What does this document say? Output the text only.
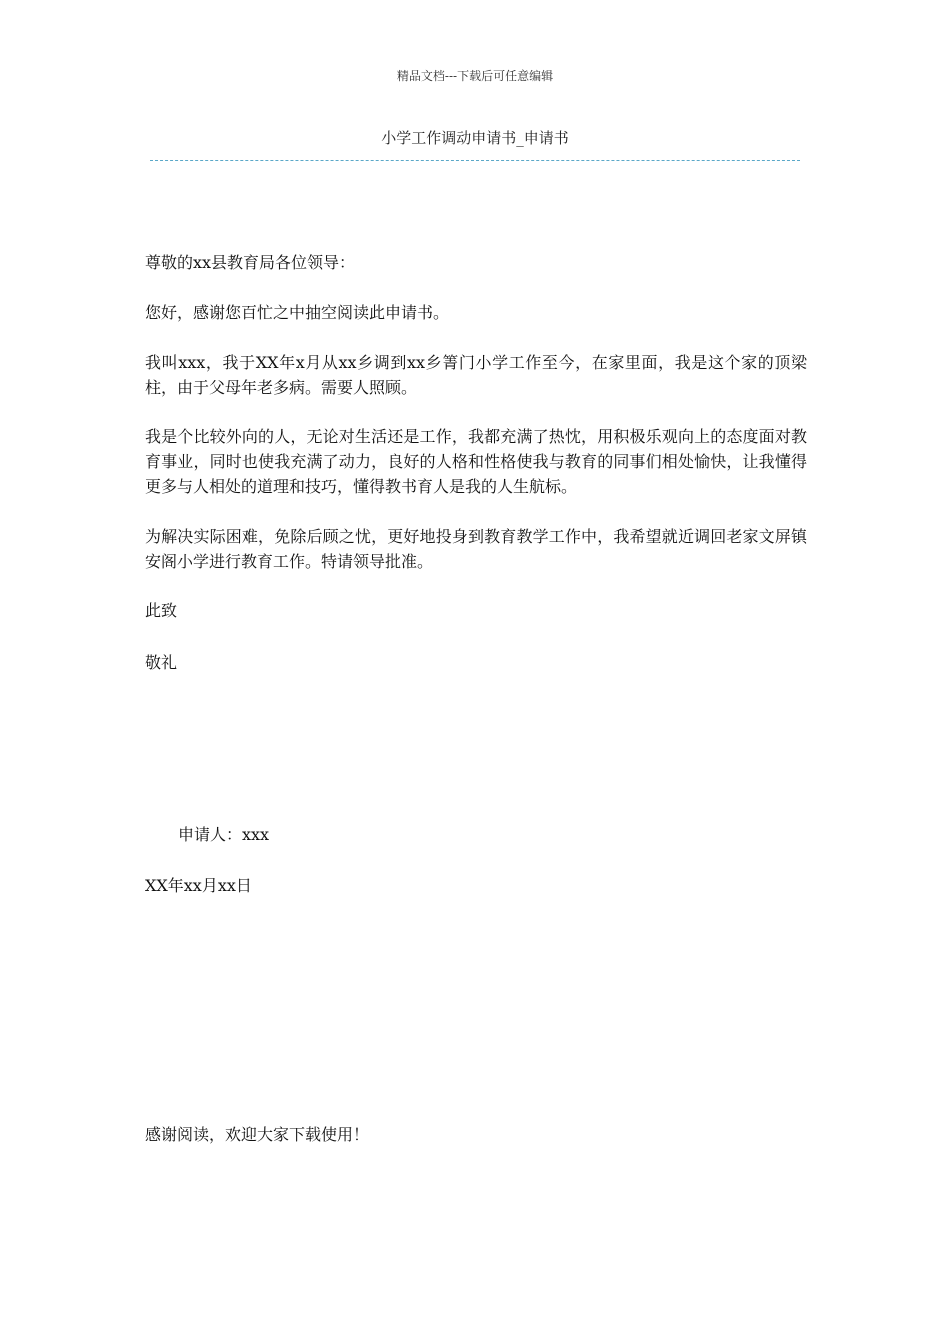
精品文档---下载后可任意编辑
小学工作调动申请书_申请书

尊敬的xx县教育局各位领导：

您好，感谢您百忙之中抽空阅读此申请书。

我叫xxx，我于XX年x月从xx乡调到xx乡箐门小学工作至今，在家里面，我是这个家的顶梁柱，由于父母年老多病。需要人照顾。

我是个比较外向的人，无论对生活还是工作，我都充满了热忱，用积极乐观向上的态度面对教育事业，同时也使我充满了动力，良好的人格和性格使我与教育的同事们相处愉快，让我懂得更多与人相处的道理和技巧，懂得教书育人是我的人生航标。

为解决实际困难，免除后顾之忧，更好地投身到教育教学工作中，我希望就近调回老家文屏镇安阁小学进行教育工作。特请领导批准。

此致

敬礼

申请人：xxx

XX年xx月xx日

感谢阅读，欢迎大家下载使用！
